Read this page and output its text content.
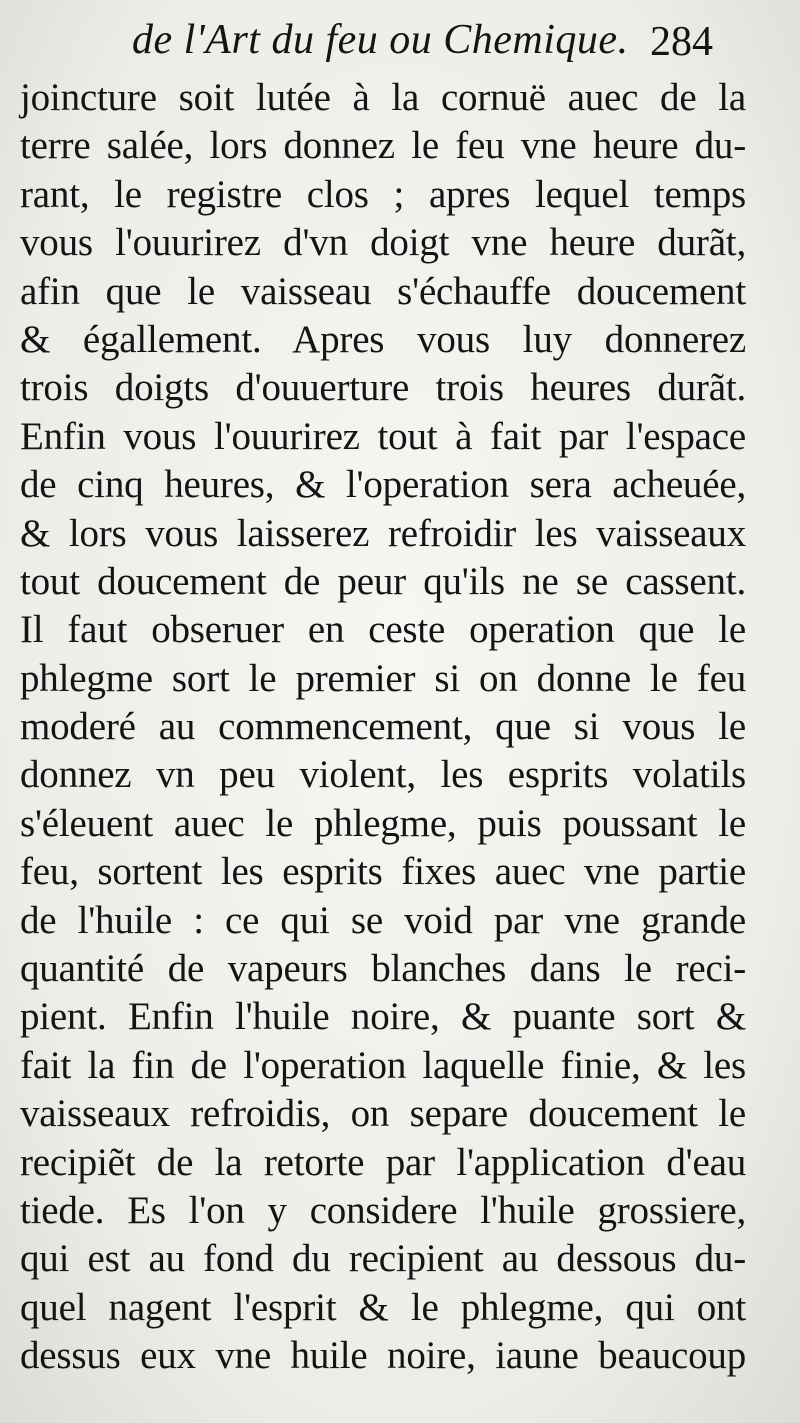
de l'Art du feu ou Chemique. 284
joincture soit lutée à la cornuë auec de la
terre salée, lors donnez le feu vne heure du-
rant, le registre clos ; apres lequel temps
vous l'ouurirez d'vn doigt vne heure durãt,
afin que le vaisseau s'échauffe doucement
& égallement. Apres vous luy donnerez
trois doigts d'ouuerture trois heures durãt.
Enfin vous l'ouurirez tout à fait par l'espace
de cinq heures, & l'operation sera acheuée,
& lors vous laisserez refroidir les vaisseaux
tout doucement de peur qu'ils ne se cassent.
Il faut obseruer en ceste operation que le
phlegme sort le premier si on donne le feu
moderé au commencement, que si vous le
donnez vn peu violent, les esprits volatils
s'éleuent auec le phlegme, puis poussant le
feu, sortent les esprits fixes auec vne partie
de l'huile : ce qui se void par vne grande
quantité de vapeurs blanches dans le reci-
pient. Enfin l'huile noire, & puante sort &
fait la fin de l'operation laquelle finie, & les
vaisseaux refroidis, on separe doucement le
recipiẽt de la retorte par l'application d'eau
tiede. Es l'on y considere l'huile grossiere,
qui est au fond du recipient au dessous du-
quel nagent l'esprit & le phlegme, qui ont
dessus eux vne huile noire, iaune beaucoup
